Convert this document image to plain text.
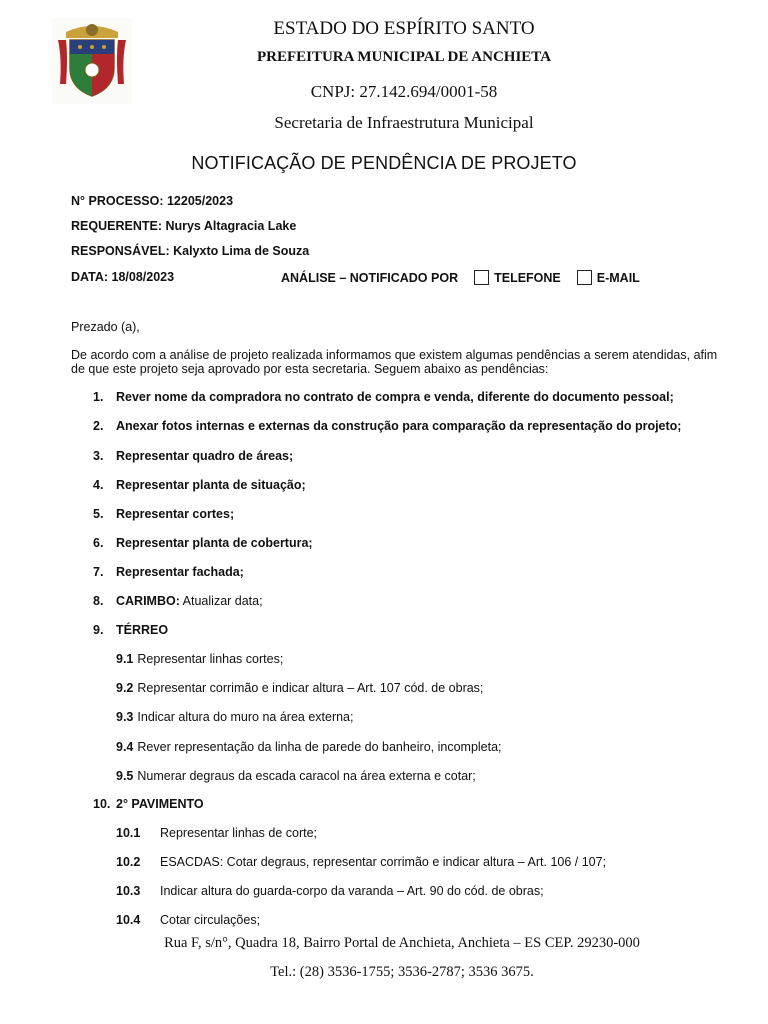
ESTADO DO ESPÍRITO SANTO
PREFEITURA MUNICIPAL DE ANCHIETA
CNPJ: 27.142.694/0001-58
Secretaria de Infraestrutura Municipal
NOTIFICAÇÃO DE PENDÊNCIA DE PROJETO
N° PROCESSO: 12205/2023
REQUERENTE: Nurys Altagracia Lake
RESPONSÁVEL: Kalyxto Lima de Souza
DATA: 18/08/2023	ANÁLISE – NOTIFICADO POR	TELEFONE	E-MAIL
Prezado (a),
De acordo com a análise de projeto realizada informamos que existem algumas pendências a serem atendidas, afim de que este projeto seja aprovado por esta secretaria. Seguem abaixo as pendências:
1. Rever nome da compradora no contrato de compra e venda, diferente do documento pessoal;
2. Anexar fotos internas e externas da construção para comparação da representação do projeto;
3. Representar quadro de áreas;
4. Representar planta de situação;
5. Representar cortes;
6. Representar planta de cobertura;
7. Representar fachada;
8. CARIMBO: Atualizar data;
9. TÉRREO
9.1 Representar linhas cortes;
9.2 Representar corrimão e indicar altura – Art. 107 cód. de obras;
9.3 Indicar altura do muro na área externa;
9.4 Rever representação da linha de parede do banheiro, incompleta;
9.5 Numerar degraus da escada caracol na área externa e cotar;
10. 2° PAVIMENTO
10.1 Representar linhas de corte;
10.2 ESACDAS: Cotar degraus, representar corrimão e indicar altura – Art. 106 / 107;
10.3 Indicar altura do guarda-corpo da varanda – Art. 90 do cód. de obras;
10.4 Cotar circulações;
Rua F, s/n°, Quadra 18, Bairro Portal de Anchieta, Anchieta – ES CEP. 29230-000
Tel.: (28) 3536-1755; 3536-2787; 3536 3675.
